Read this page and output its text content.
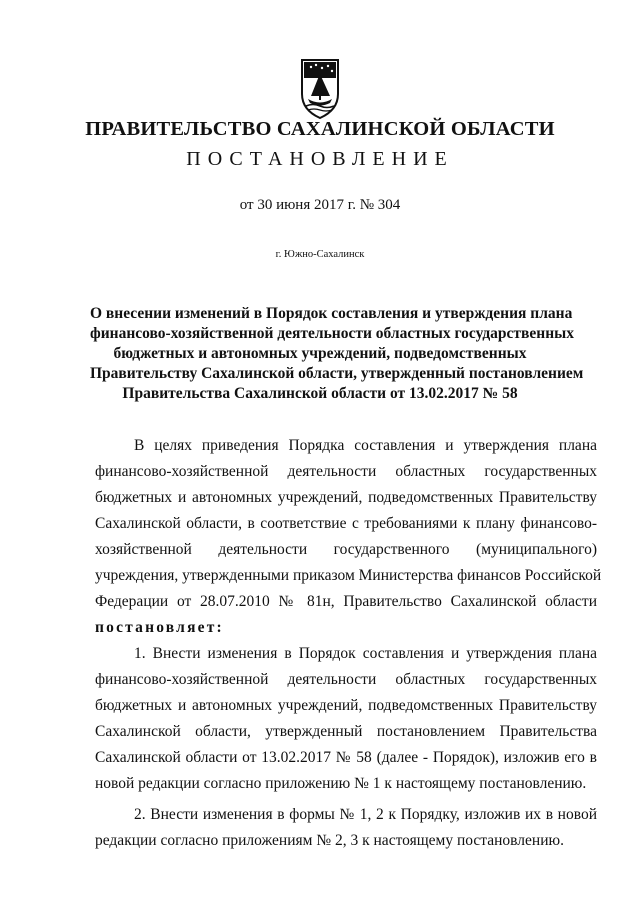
ПРАВИТЕЛЬСТВО САХАЛИНСКОЙ ОБЛАСТИ
ПОСТАНОВЛЕНИЕ
от 30 июня 2017 г. № 304
г. Южно-Сахалинск
О внесении изменений в Порядок составления и утверждения плана
финансово-хозяйственной деятельности областных государственных
бюджетных и автономных учреждений, подведомственных
Правительству Сахалинской области, утвержденный постановлением
Правительства Сахалинской области от 13.02.2017 № 58
В целях приведения Порядка составления и утверждения плана
финансово-хозяйственной деятельности областных государственных
бюджетных и автономных учреждений, подведомственных Правительству
Сахалинской области, в соответствие с требованиями к плану финансово-
хозяйственной деятельности государственного (муниципального)
учреждения, утвержденными приказом Министерства финансов Российской
Федерации от 28.07.2010 № 81н, Правительство Сахалинской области
постановляет:
1. Внести изменения в Порядок составления и утверждения плана
финансово-хозяйственной деятельности областных государственных
бюджетных и автономных учреждений, подведомственных Правительству
Сахалинской области, утвержденный постановлением Правительства
Сахалинской области от 13.02.2017 № 58 (далее - Порядок), изложив его в
новой редакции согласно приложению № 1 к настоящему постановлению.
2. Внести изменения в формы № 1, 2 к Порядку, изложив их в новой
редакции согласно приложениям № 2, 3 к настоящему постановлению.
